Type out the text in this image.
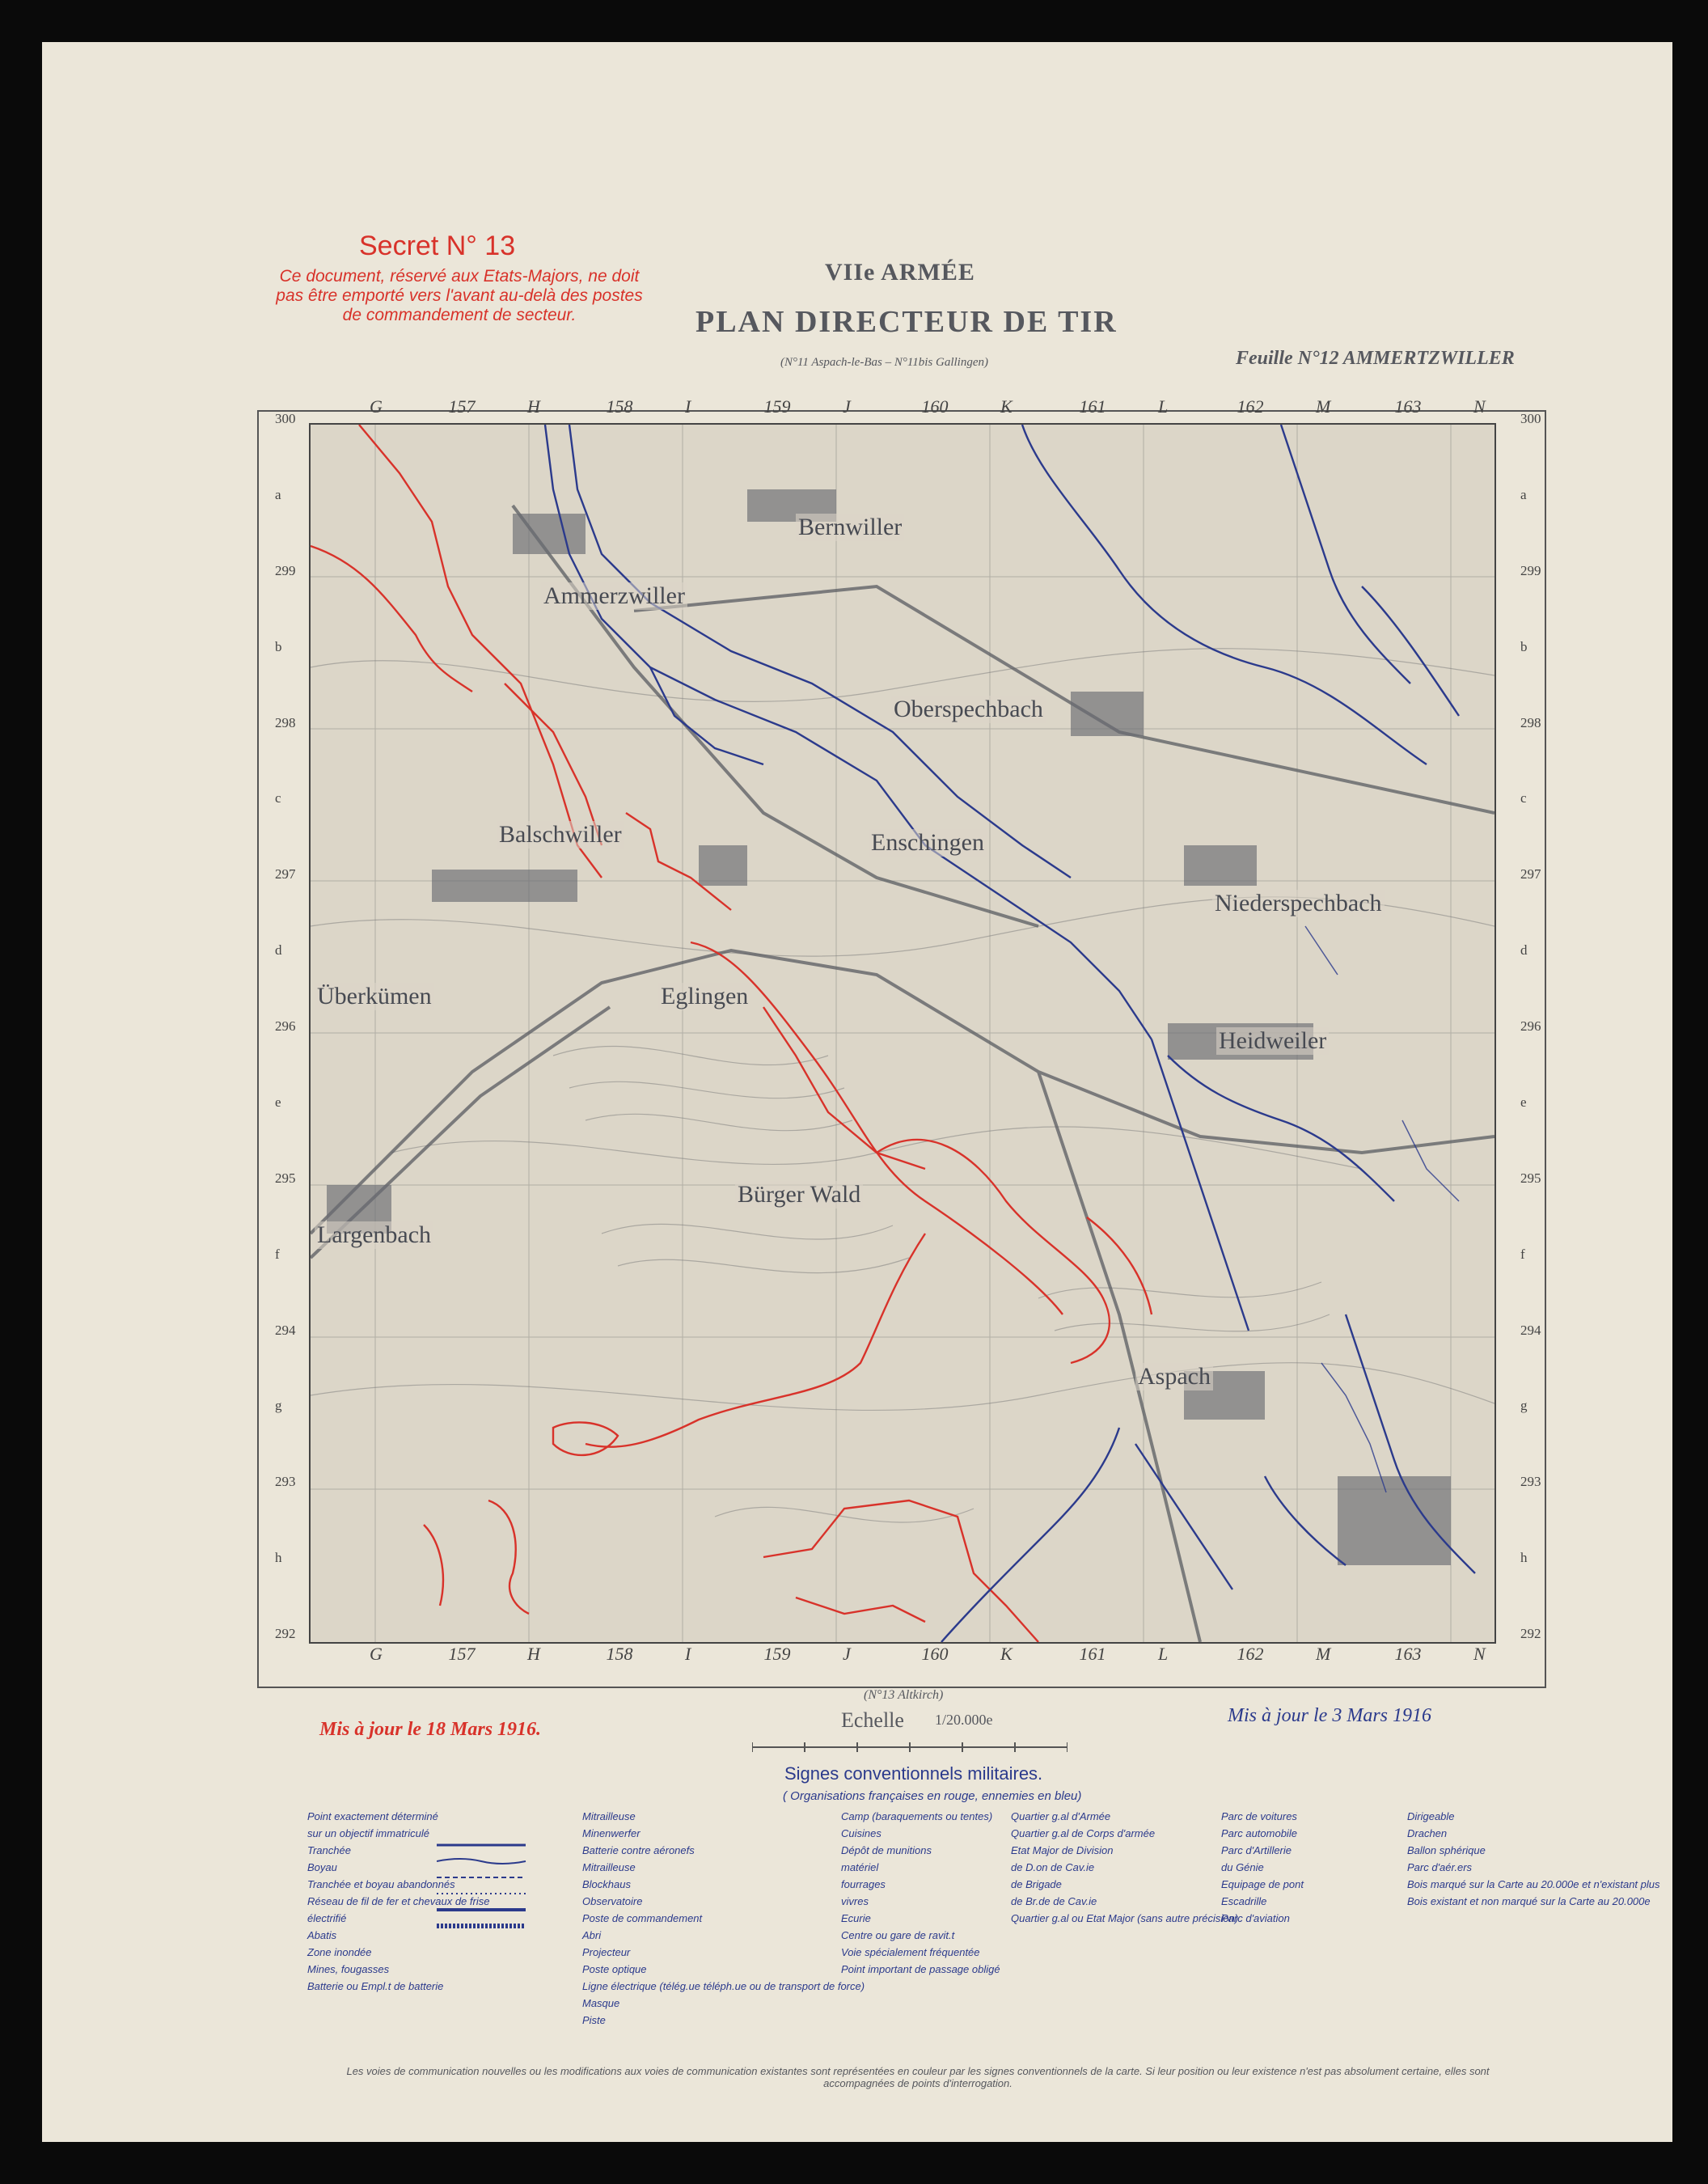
Secret N° 13
Ce document, réservé aux Etats-Majors, ne doit pas être emporté vers l'avant au-delà des postes de commandement de secteur.
VIIe ARMÉE
PLAN DIRECTEUR DE TIR
(N°11 Aspach-le-Bas – N°11bis Gallingen)	Feuille N°12 AMMERTZWILLER
Bernwiller
Ammerzwiller
Oberspechbach
Balschwiller	Enschingen
Niederspechbach
Eglingen
Überkümen
Heidweiler
Bürger Wald
Largenbach
Aspach
G	157	H	158	I	159	J	160	K	161	L	162	M	163	N
G	157	H	158	I	159	J	160	K	161	L	162	M	163	N
300
a
299
b
298
c
297
d
296
e
295
f
294
g
293
h
292
300
a
299
b
298
c
297
d
296
e
295
f
294
g
293
h
292
(N°13 Altkirch)
Mis à jour le 18 Mars 1916.
Mis à jour le 3 Mars 1916
Echelle 1/20.000e
Signes conventionnels militaires.
( Organisations françaises en rouge, ennemies en bleu)
Point exactement déterminé
sur un objectif immatriculé
Tranchée
Boyau
Tranchée et boyau abandonnés
Réseau de fil de fer et chevaux de frise
électrifié
Abatis
Zone inondée
Mines, fougasses
Batterie ou Empl.t de batterie
Mitrailleuse
Minenwerfer
Batterie contre aéronefs
Mitrailleuse
Blockhaus
Observatoire
Poste de commandement
Abri
Projecteur
Poste optique
Ligne électrique (télég.ue téléph.ue ou de transport de force)
Masque
Piste
Camp (baraquements ou tentes)
Cuisines
Dépôt de munitions
matériel
fourrages
vivres
Ecurie
Centre ou gare de ravit.t
Voie spécialement fréquentée
Point important de passage obligé
Quartier g.al d'Armée
Quartier g.al de Corps d'armée
Etat Major de Division
de D.on de Cav.ie
de Brigade
de Br.de de Cav.ie
Quartier g.al ou Etat Major (sans autre précision)
Parc de voitures
Parc automobile
Parc d'Artillerie
du Génie
Equipage de pont
Escadrille
Parc d'aviation
Dirigeable
Drachen
Ballon sphérique
Parc d'aér.ers
Bois marqué sur la Carte au 20.000e et n'existant plus
Bois existant et non marqué sur la Carte au 20.000e
Les voies de communication nouvelles ou les modifications aux voies de communication existantes sont représentées en couleur par les signes conventionnels de la carte. Si leur position ou leur existence n'est pas absolument certaine, elles sont accompagnées de points d'interrogation.
